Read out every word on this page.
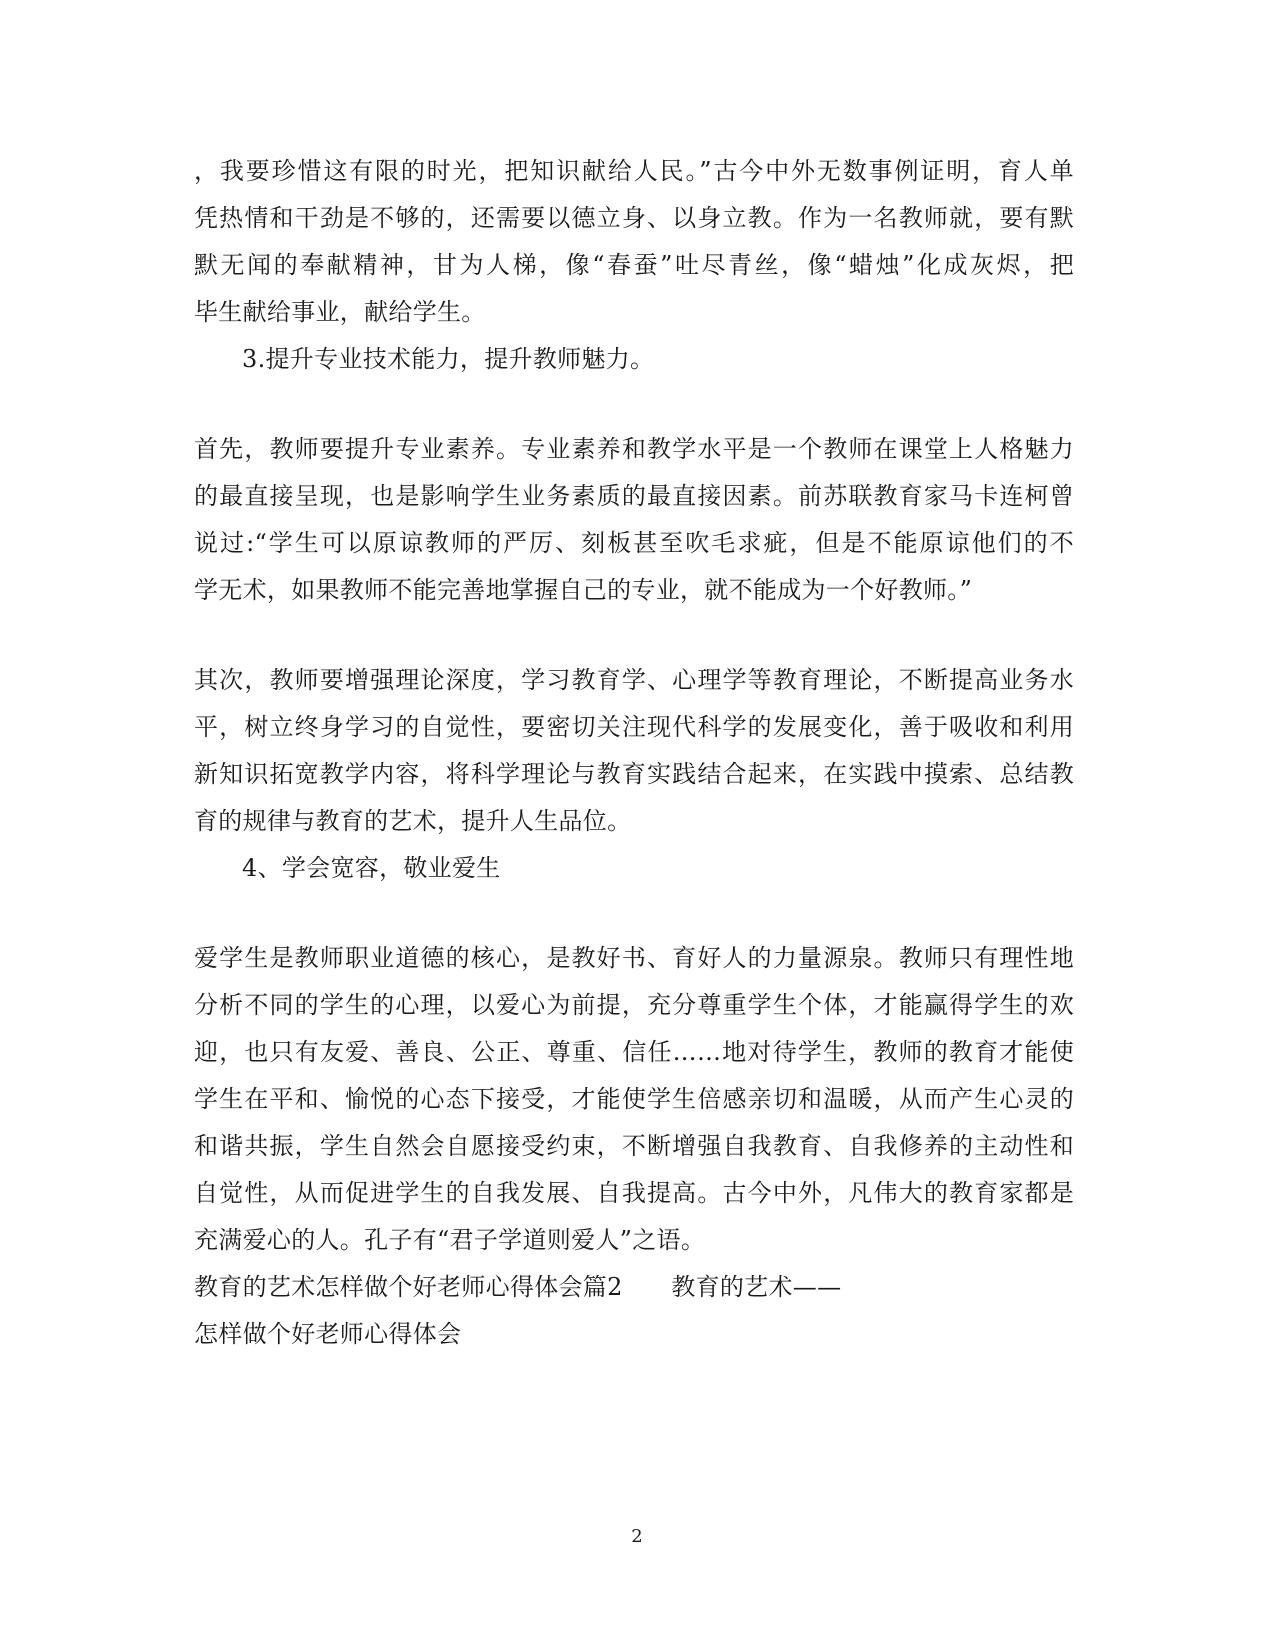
，我要珍惜这有限的时光，把知识献给人民。”古今中外无数事例证明，育人单

凭热情和干劲是不够的，还需要以德立身、以身立教。作为一名教师就，要有默

默无闻的奉献精神，甘为人梯，像“春蚕”吐尽青丝，像“蜡烛”化成灰烬，把

毕生献给事业，献给学生。

3.提升专业技术能力，提升教师魅力。

首先，教师要提升专业素养。专业素养和教学水平是一个教师在课堂上人格魅力

的最直接呈现，也是影响学生业务素质的最直接因素。前苏联教育家马卡连柯曾

说过:“学生可以原谅教师的严厉、刻板甚至吹毛求疵，但是不能原谅他们的不

学无术，如果教师不能完善地掌握自己的专业，就不能成为一个好教师。”

其次，教师要增强理论深度，学习教育学、心理学等教育理论，不断提高业务水

平，树立终身学习的自觉性，要密切关注现代科学的发展变化，善于吸收和利用

新知识拓宽教学内容，将科学理论与教育实践结合起来，在实践中摸索、总结教

育的规律与教育的艺术，提升人生品位。

4、学会宽容，敬业爱生

爱学生是教师职业道德的核心，是教好书、育好人的力量源泉。教师只有理性地

分析不同的学生的心理，以爱心为前提，充分尊重学生个体，才能赢得学生的欢

迎，也只有友爱、善良、公正、尊重、信任……地对待学生，教师的教育才能使

学生在平和、愉悦的心态下接受，才能使学生倍感亲切和温暖，从而产生心灵的

和谐共振，学生自然会自愿接受约束，不断增强自我教育、自我修养的主动性和

自觉性，从而促进学生的自我发展、自我提高。古今中外，凡伟大的教育家都是

充满爱心的人。孔子有“君子学道则爱人”之语。

教育的艺术怎样做个好老师心得体会篇2　　教育的艺术——

怎样做个好老师心得体会

2
